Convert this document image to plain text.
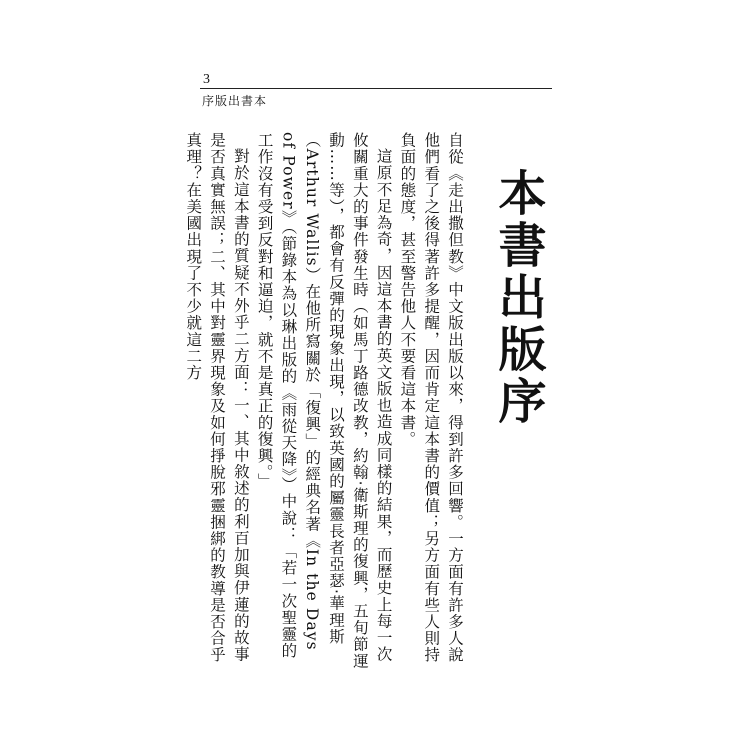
3
序版出書本
本書出版序

自從《走出撒但教》中文版出版以來，得到許多回響。一方面有許多人說他們看了之後得著許多提醒，因而肯定這本書的價值；另方面有些人則持負面的態度，甚至警告他人不要看這本書。

這原不足為奇，因這本書的英文版也造成同樣的結果，而歷史上每一次攸關重大的事件發生時（如馬丁路德改教，約翰‧衛斯理的復興，五旬節運動……等），都會有反彈的現象出現，以致英國的屬靈長者亞瑟‧華理斯（Arthur Wallis）在他所寫關於「復興」的經典名著《In the Days of Power》（節錄本為以琳出版的《雨從天降》）中說：「若一次聖靈的工作沒有受到反對和逼迫，就不是真正的復興。」

對於這本書的質疑不外乎二方面：一、其中敘述的利百加與伊蓮的故事是否真實無誤；二、其中對靈界現象及如何掙脫邪靈捆綁的教導是否合乎真理？在美國出現了不少就這二方
